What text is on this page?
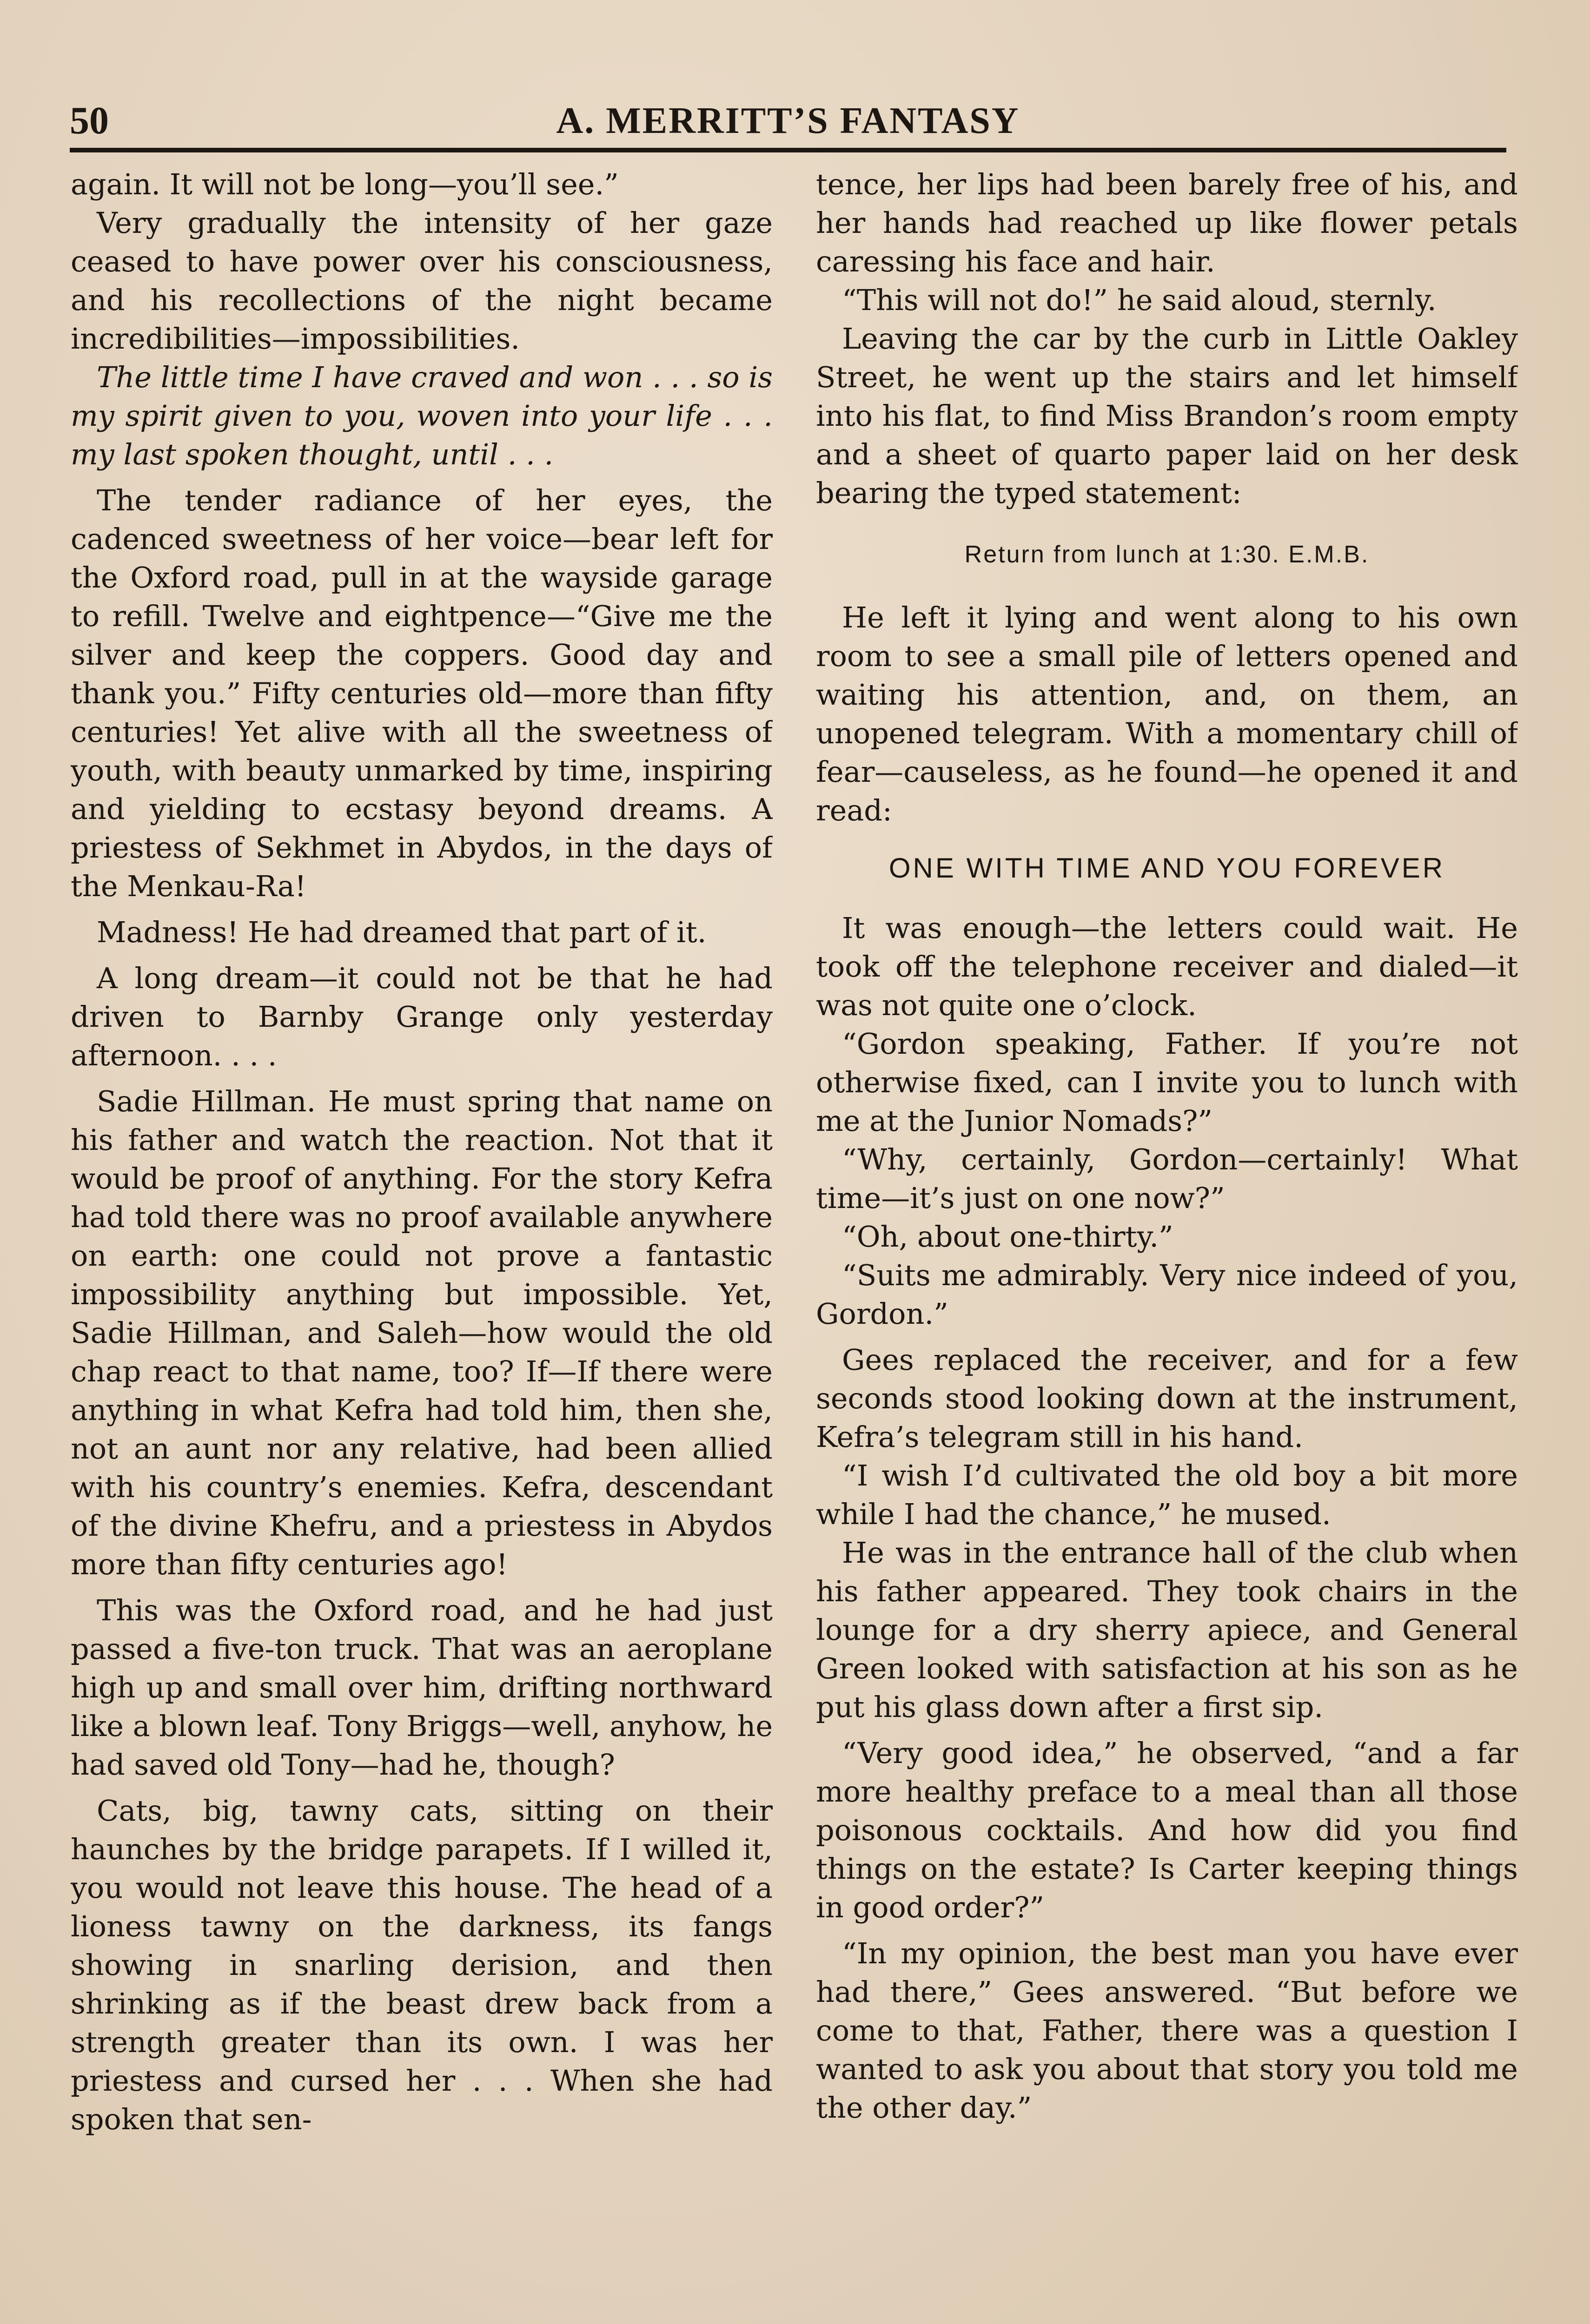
50	A. MERRITT’S FANTASY

again. It will not be long—you’ll see.”

Very gradually the intensity of her gaze ceased to have power over his consciousness, and his recollections of the night became incredibilities—impossibilities.

The little time I have craved and won . . . so is my spirit given to you, woven into your life . . . my last spoken thought, until . . .

The tender radiance of her eyes, the cadenced sweetness of her voice—bear left for the Oxford road, pull in at the wayside garage to refill. Twelve and eightpence—“Give me the silver and keep the coppers. Good day and thank you.” Fifty centuries old—more than fifty centuries! Yet alive with all the sweetness of youth, with beauty unmarked by time, inspiring and yielding to ecstasy beyond dreams. A priestess of Sekhmet in Abydos, in the days of the Menkau-Ra!

Madness! He had dreamed that part of it.

A long dream—it could not be that he had driven to Barnby Grange only yesterday afternoon. . . .

Sadie Hillman. He must spring that name on his father and watch the reaction. Not that it would be proof of anything. For the story Kefra had told there was no proof available anywhere on earth: one could not prove a fantastic impossibility anything but impossible. Yet, Sadie Hillman, and Saleh—how would the old chap react to that name, too? If—If there were anything in what Kefra had told him, then she, not an aunt nor any relative, had been allied with his country’s enemies. Kefra, descendant of the divine Khefru, and a priestess in Abydos more than fifty centuries ago!

This was the Oxford road, and he had just passed a five-ton truck. That was an aeroplane high up and small over him, drifting northward like a blown leaf. Tony Briggs—well, anyhow, he had saved old Tony—had he, though?

Cats, big, tawny cats, sitting on their haunches by the bridge parapets. If I willed it, you would not leave this house. The head of a lioness tawny on the darkness, its fangs showing in snarling derision, and then shrinking as if the beast drew back from a strength greater than its own. I was her priestess and cursed her . . . When she had spoken that sen-

tence, her lips had been barely free of his, and her hands had reached up like flower petals caressing his face and hair.

“This will not do!” he said aloud, sternly.

Leaving the car by the curb in Little Oakley Street, he went up the stairs and let himself into his flat, to find Miss Brandon’s room empty and a sheet of quarto paper laid on her desk bearing the typed statement:

Return from lunch at 1:30. E.M.B.

He left it lying and went along to his own room to see a small pile of letters opened and waiting his attention, and, on them, an unopened telegram. With a momentary chill of fear—causeless, as he found—he opened it and read:

ONE WITH TIME AND YOU FOREVER

It was enough—the letters could wait. He took off the telephone receiver and dialed—it was not quite one o’clock.

“Gordon speaking, Father. If you’re not otherwise fixed, can I invite you to lunch with me at the Junior Nomads?”

“Why, certainly, Gordon—certainly! What time—it’s just on one now?”

“Oh, about one-thirty.”

“Suits me admirably. Very nice indeed of you, Gordon.”

Gees replaced the receiver, and for a few seconds stood looking down at the instrument, Kefra’s telegram still in his hand.

“I wish I’d cultivated the old boy a bit more while I had the chance,” he mused.

He was in the entrance hall of the club when his father appeared. They took chairs in the lounge for a dry sherry apiece, and General Green looked with satisfaction at his son as he put his glass down after a first sip.

“Very good idea,” he observed, “and a far more healthy preface to a meal than all those poisonous cocktails. And how did you find things on the estate? Is Carter keeping things in good order?”

“In my opinion, the best man you have ever had there,” Gees answered. “But before we come to that, Father, there was a question I wanted to ask you about that story you told me the other day.”
